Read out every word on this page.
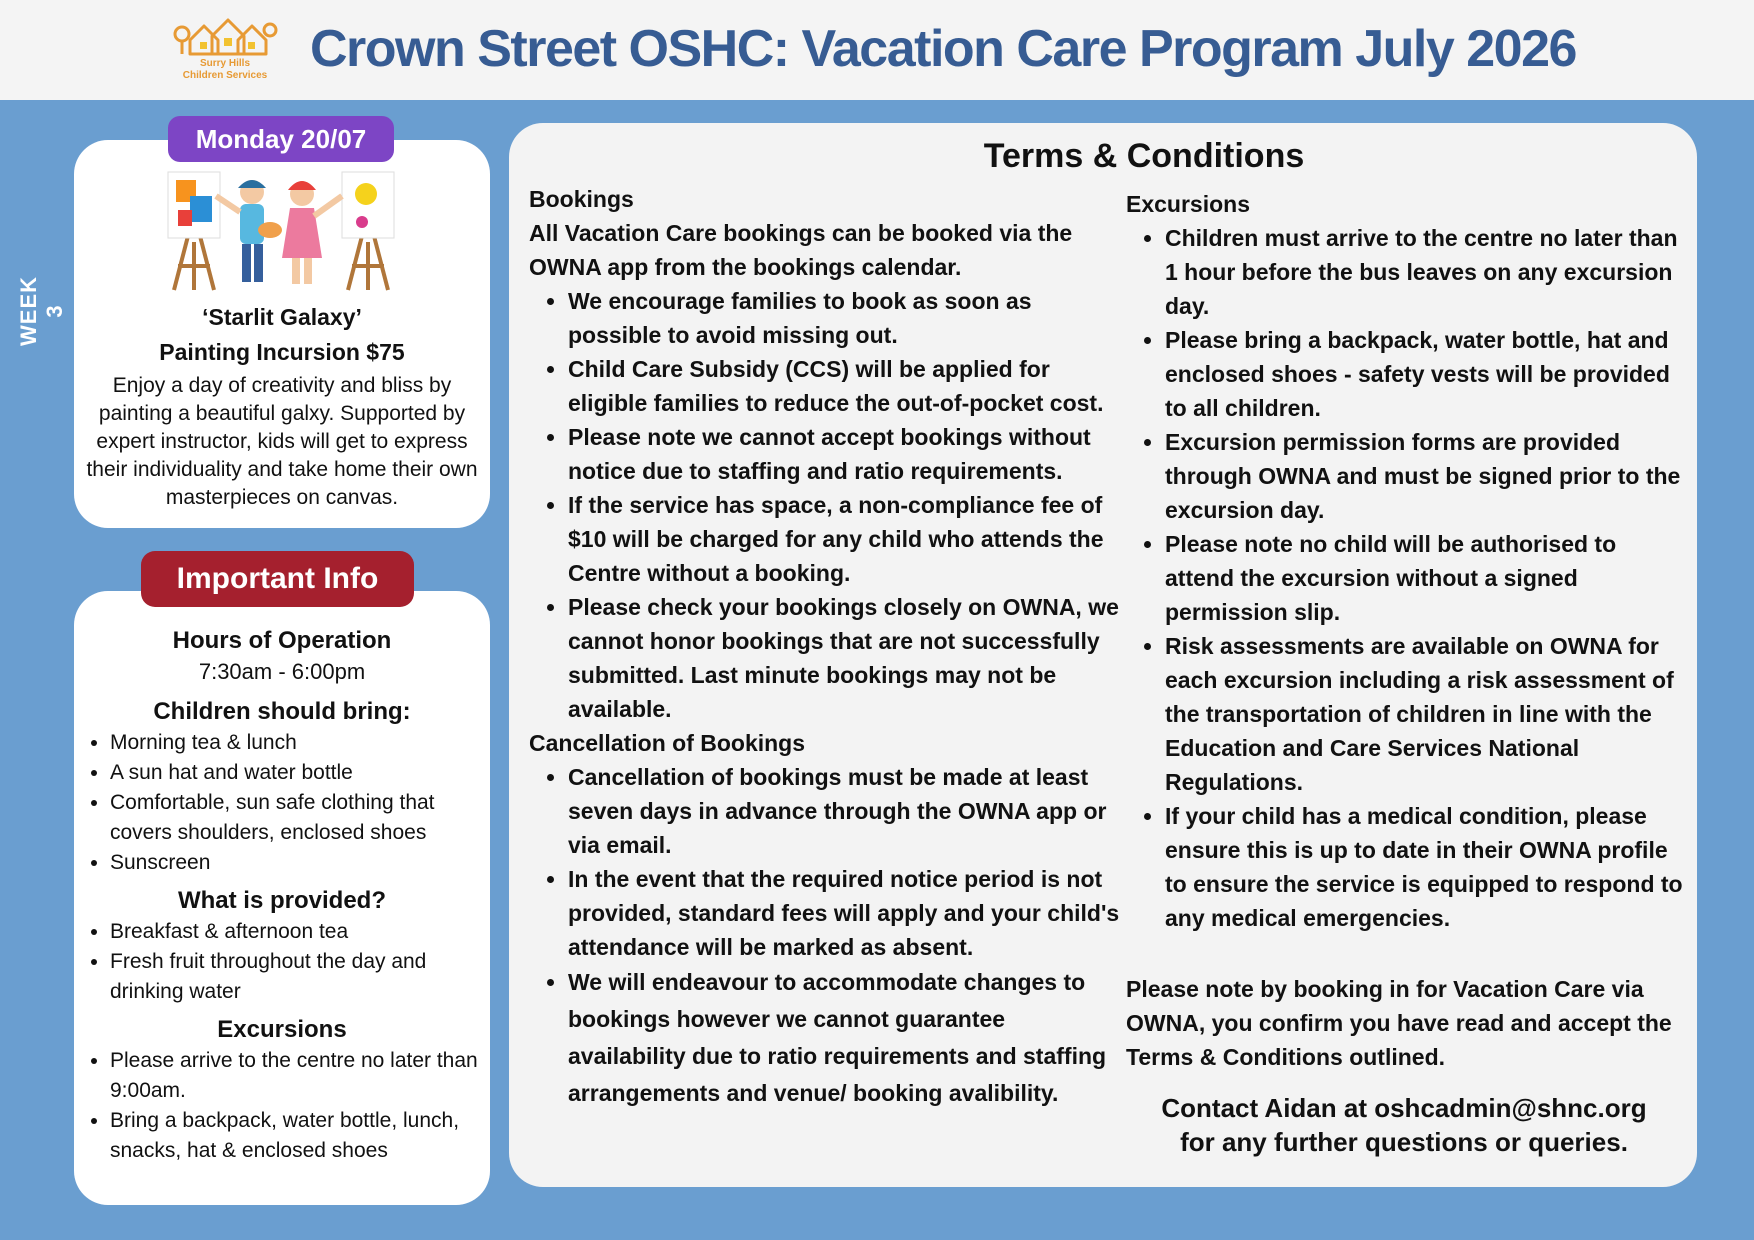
Surry Hills
Children Services Crown Street OSHC: Vacation Care Program July 2026
WEEK 3
Monday 20/07
‘Starlit Galaxy’
Painting Incursion $75
Enjoy a day of creativity and bliss by painting a beautiful galxy. Supported by expert instructor, kids will get to express their individuality and take home their own masterpieces on canvas.
Important Info
Hours of Operation
7:30am - 6:00pm
Children should bring:
• Morning tea & lunch
• A sun hat and water bottle
• Comfortable, sun safe clothing that covers shoulders, enclosed shoes
• Sunscreen
What is provided?
• Breakfast & afternoon tea
• Fresh fruit throughout the day and drinking water
Excursions
• Please arrive to the centre no later than 9:00am.
• Bring a backpack, water bottle, lunch, snacks, hat & enclosed shoes
Terms & Conditions

Bookings

All Vacation Care bookings can be booked via the OWNA app from the bookings calendar.

• We encourage families to book as soon as possible to avoid missing out.
• Child Care Subsidy (CCS) will be applied for eligible families to reduce the out-of-pocket cost.
• Please note we cannot accept bookings without notice due to staffing and ratio requirements.
• If the service has space, a non-compliance fee of $10 will be charged for any child who attends the Centre without a booking.
• Please check your bookings closely on OWNA, we cannot honor bookings that are not successfully submitted. Last minute bookings may not be available.

Cancellation of Bookings

• Cancellation of bookings must be made at least seven days in advance through the OWNA app or via email.
• In the event that the required notice period is not provided, standard fees will apply and your child's attendance will be marked as absent.
• We will endeavour to accommodate changes to bookings however we cannot guarantee availability due to ratio requirements and staffing arrangements and venue/ booking avalibility.

Excursions

• Children must arrive to the centre no later than 1 hour before the bus leaves on any excursion day.
• Please bring a backpack, water bottle, hat and enclosed shoes - safety vests will be provided to all children.
• Excursion permission forms are provided through OWNA and must be signed prior to the excursion day.
• Please note no child will be authorised to attend the excursion without a signed permission slip.
• Risk assessments are available on OWNA for each excursion including a risk assessment of the transportation of children in line with the Education and Care Services National Regulations.
• If your child has a medical condition, please ensure this is up to date in their OWNA profile to ensure the service is equipped to respond to any medical emergencies.
Please note by booking in for Vacation Care via OWNA, you confirm you have read and accept the Terms & Conditions outlined.
Contact Aidan at oshcadmin@shnc.org
for any further questions or queries.
